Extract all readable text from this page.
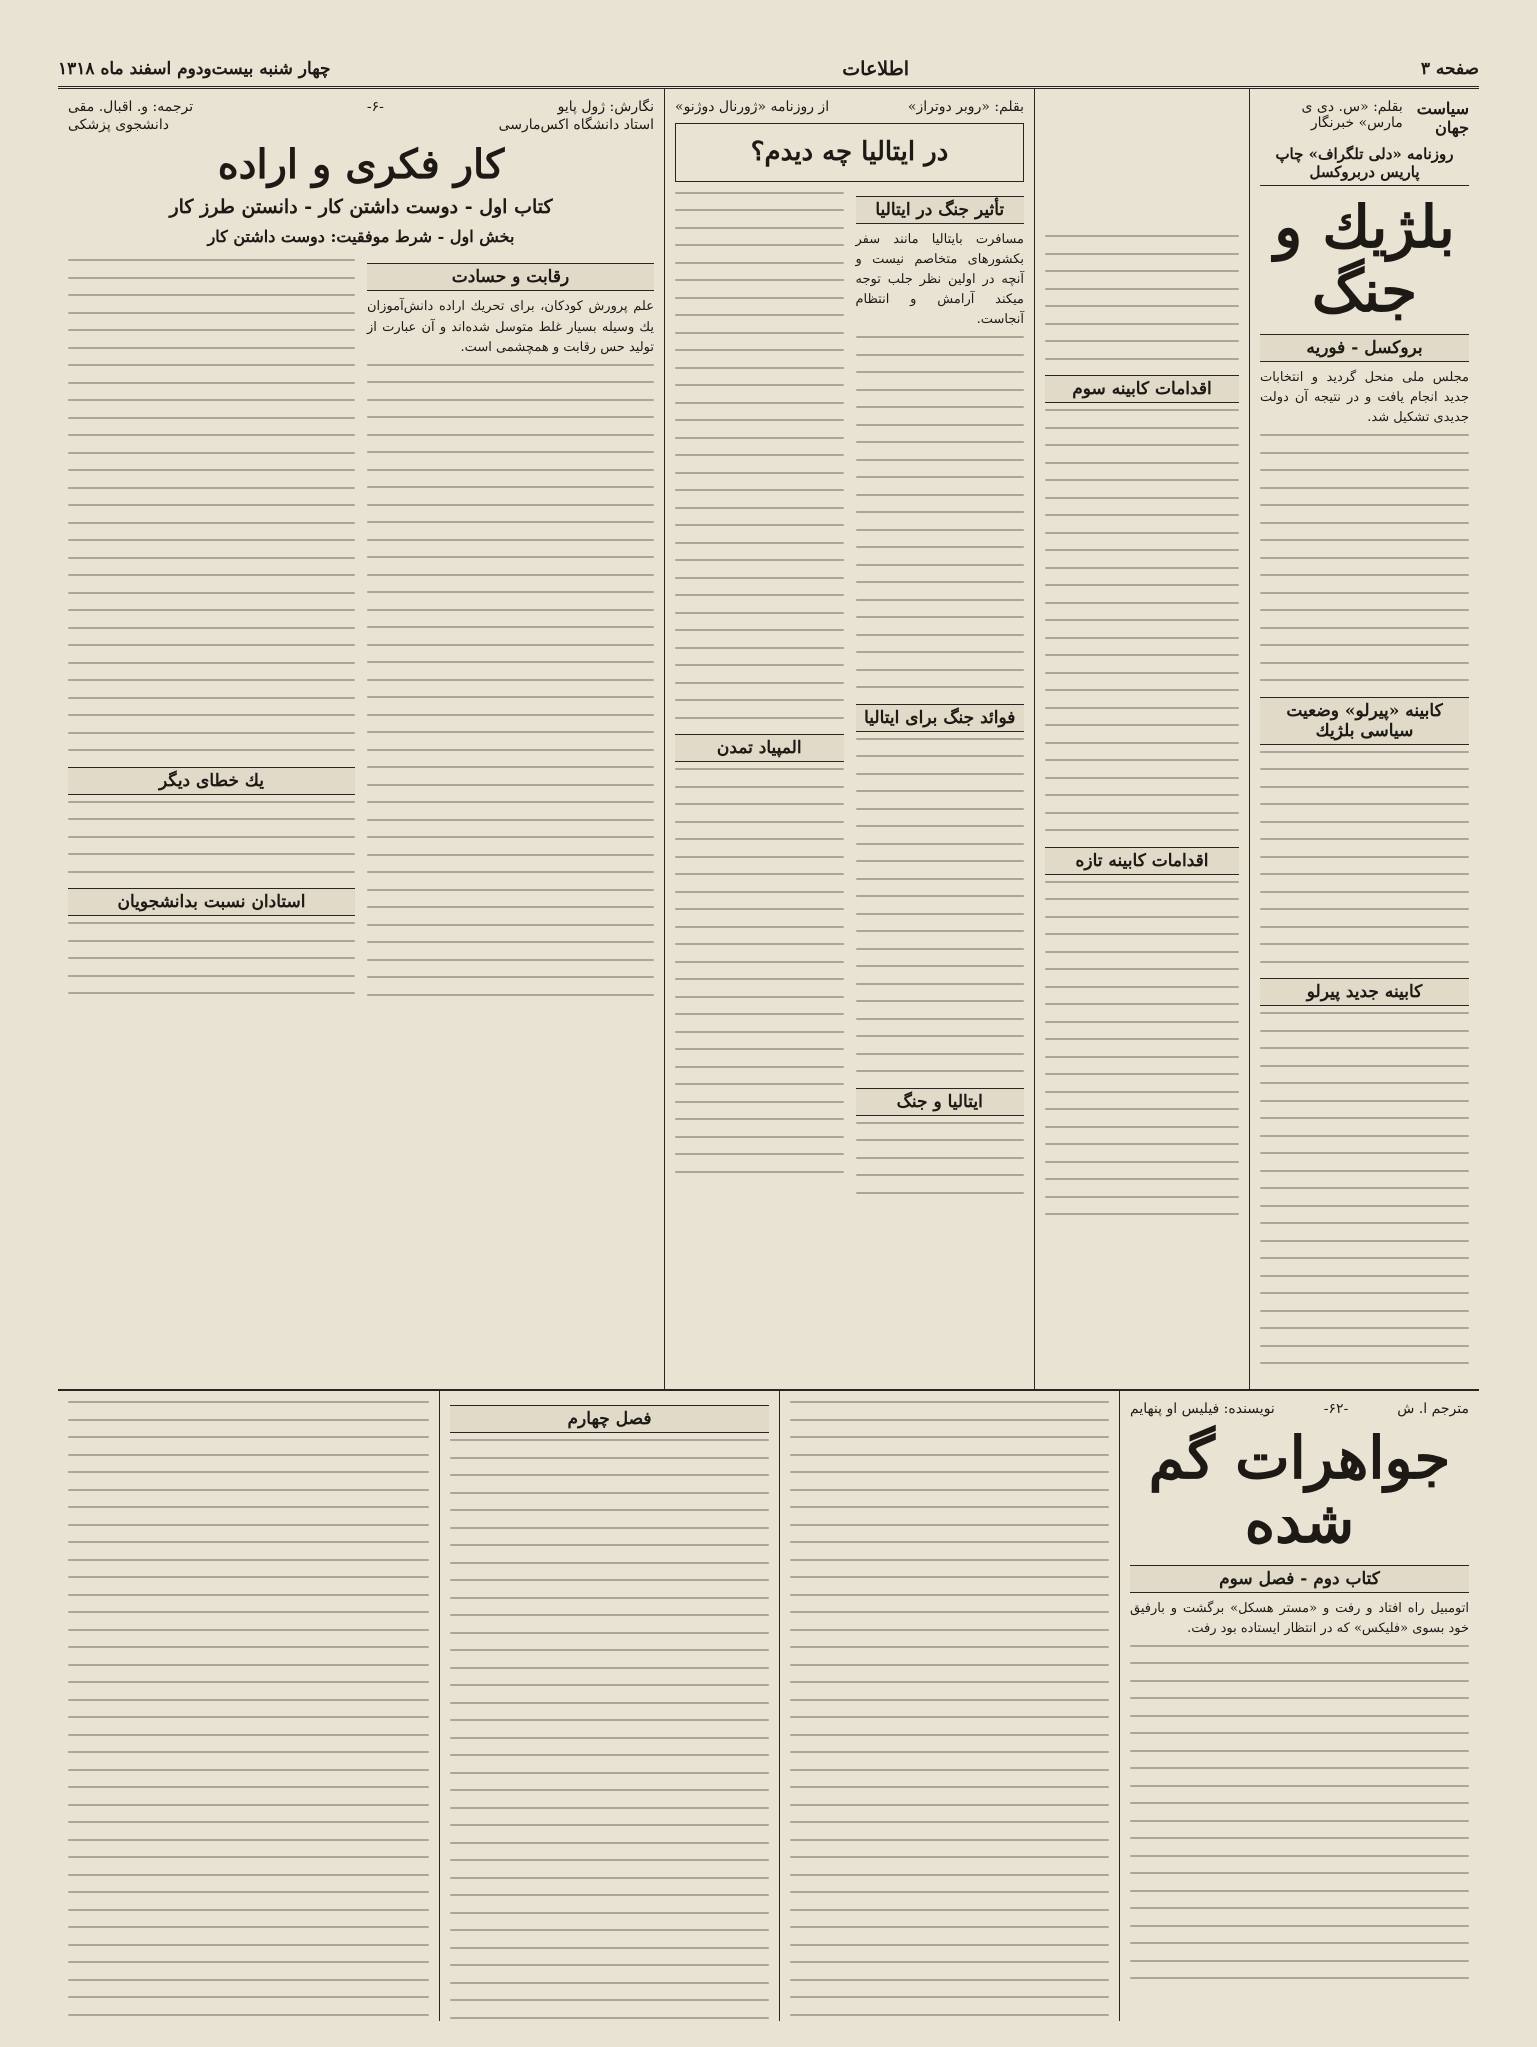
صفحه ۳
اطلاعات
چهار شنبه بیست‌ودوم اسفند ماه ۱۳۱۸
سیاست جهان
بقلم: «س. دی‌ ی مارس» خبرنگار
روزنامه «دلی تلگراف» چاپ پاریس دربروکسل
بلژیك و جنگ
بروکسل - فوریه

مجلس ملی منحل گردید و انتخابات جدید انجام یافت و در نتیجه آن دولت جدیدی تشکیل شد.

کابینه «پیرلو» وضعیت سیاسی بلژیك
کابینه جدید پیرلو
اقدامات کابینه سوم
اقدامات کابینه تازه
بقلم: «روبر دوتراز»
از روزنامه «ژورنال دوژنو»
در ایتالیا چه دیدم؟
تأثیر جنگ در ایتالیا

مسافرت بایتالیا مانند سفر بکشورهای متخاصم نیست و آنچه در اولین نظر جلب توجه میکند آرامش و انتظام آنجاست.

فوائد جنگ برای ایتالیا
ایتالیا و جنگ
المپیاد تمدن
نگارش: ژول پایو
-۶-
ترجمه: و. اقبال. مقی
استاد دانشگاه اکس‌مارسی
دانشجوی پزشکی
کار فکری و اراده
کتاب اول - دوست داشتن کار - دانستن طرز کار
بخش اول - شرط موفقیت: دوست داشتن کار
رقابت و حسادت

علم پرورش کودکان، برای تحریك اراده دانش‌آموزان یك وسیله بسیار غلط متوسل شده‌اند و آن عبارت از تولید حس رقابت و همچشمی است.

یك خطای دیگر
استادان نسبت بدانشجویان
مترجم ا. ش
-۶۲-
نویسنده: فیلیس او پنهایم
جواهرات گم شده
کتاب دوم - فصل سوم

اتومبیل راه افتاد و رفت و «مستر هسکل» برگشت و بارفیق خود بسوی «فلیکس» که در انتظار ایستاده بود رفت.

فصل چهارم
